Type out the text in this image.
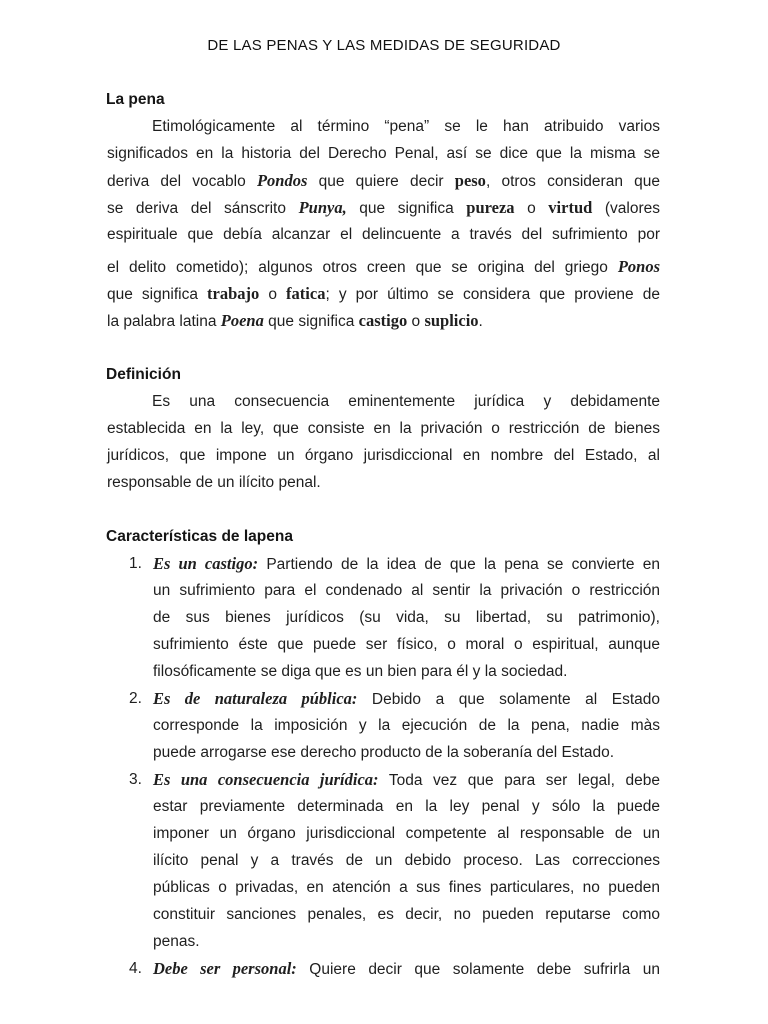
DE LAS PENAS Y LAS MEDIDAS DE SEGURIDAD
La pena
Etimológicamente al término “pena” se le han atribuido varios
significados en la historia del Derecho Penal, así se dice que la misma se
deriva del vocablo Pondos que quiere decir peso, otros consideran que
se deriva del sánscrito Punya, que significa pureza o virtud (valores
espirituale que debía alcanzar el delincuente a través del sufrimiento por
el delito cometido); algunos otros creen que se origina del griego Ponos
que significa trabajo o fatica; y por último se considera que proviene de
la palabra latina Poena que significa castigo o suplicio.
Definición
Es una consecuencia eminentemente jurídica y debidamente
establecida en la ley, que consiste en la privación o restricción de bienes
jurídicos, que impone un órgano jurisdiccional en nombre del Estado, al
responsable de un ilícito penal.
Características de lapena
1. Es un castigo: Partiendo de la idea de que la pena se convierte en
un sufrimiento para el condenado al sentir la privación o restricción
de sus bienes jurídicos (su vida, su libertad, su patrimonio),
sufrimiento éste que puede ser físico, o moral o espiritual, aunque
filosóficamente se diga que es un bien para él y la sociedad.
2. Es de naturaleza pública: Debido a que solamente al Estado
corresponde la imposición y la ejecución de la pena, nadie màs
puede arrogarse ese derecho producto de la soberanía del Estado.
3. Es una consecuencia jurídica: Toda vez que para ser legal, debe
estar previamente determinada en la ley penal y sólo la puede
imponer un órgano jurisdiccional competente al responsable de un
ilícito penal y a través de un debido proceso. Las correcciones
públicas o privadas, en atención a sus fines particulares, no pueden
constituir sanciones penales, es decir, no pueden reputarse como
penas.
4. Debe ser personal: Quiere decir que solamente debe sufrirla un
